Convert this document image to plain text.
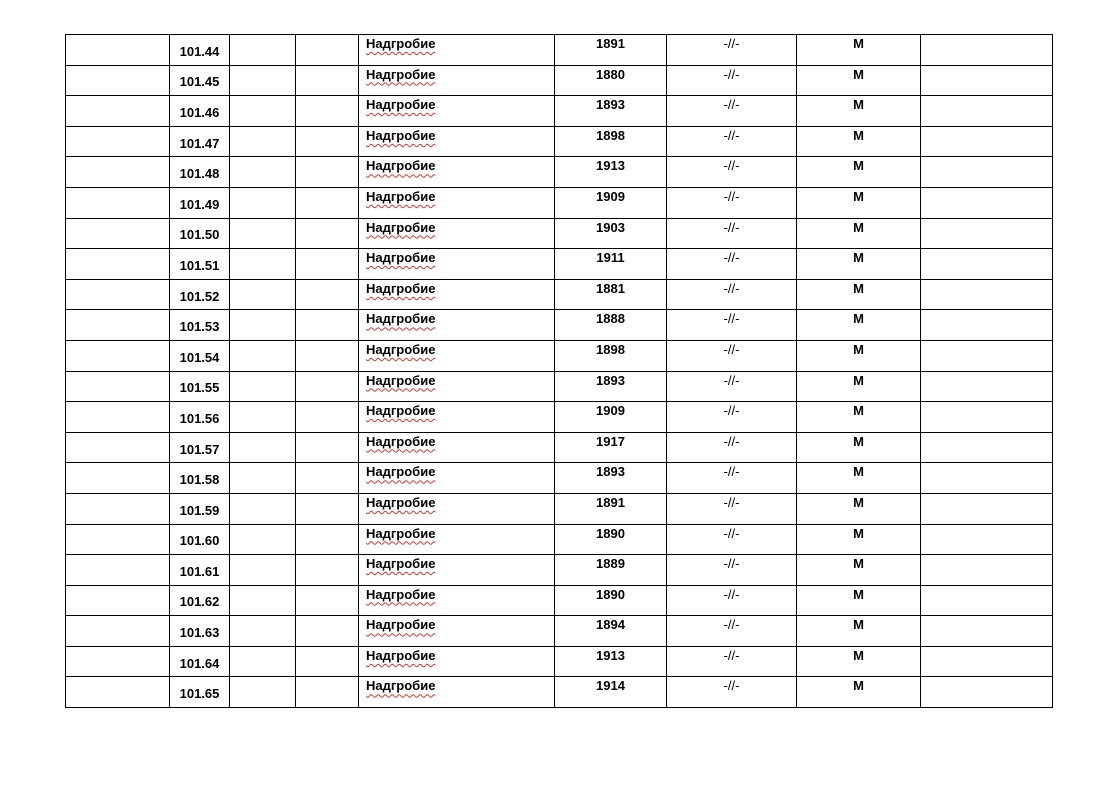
	101.44			Надгробие	1891	-//-	М	
	101.45			Надгробие	1880	-//-	М	
	101.46			Надгробие	1893	-//-	М	
	101.47			Надгробие	1898	-//-	М	
	101.48			Надгробие	1913	-//-	М	
	101.49			Надгробие	1909	-//-	М	
	101.50			Надгробие	1903	-//-	М	
	101.51			Надгробие	1911	-//-	М	
	101.52			Надгробие	1881	-//-	М	
	101.53			Надгробие	1888	-//-	М	
	101.54			Надгробие	1898	-//-	М	
	101.55			Надгробие	1893	-//-	М	
	101.56			Надгробие	1909	-//-	М	
	101.57			Надгробие	1917	-//-	М	
	101.58			Надгробие	1893	-//-	М	
	101.59			Надгробие	1891	-//-	М	
	101.60			Надгробие	1890	-//-	М	
	101.61			Надгробие	1889	-//-	М	
	101.62			Надгробие	1890	-//-	М	
	101.63			Надгробие	1894	-//-	М	
	101.64			Надгробие	1913	-//-	М	
	101.65			Надгробие	1914	-//-	М	
